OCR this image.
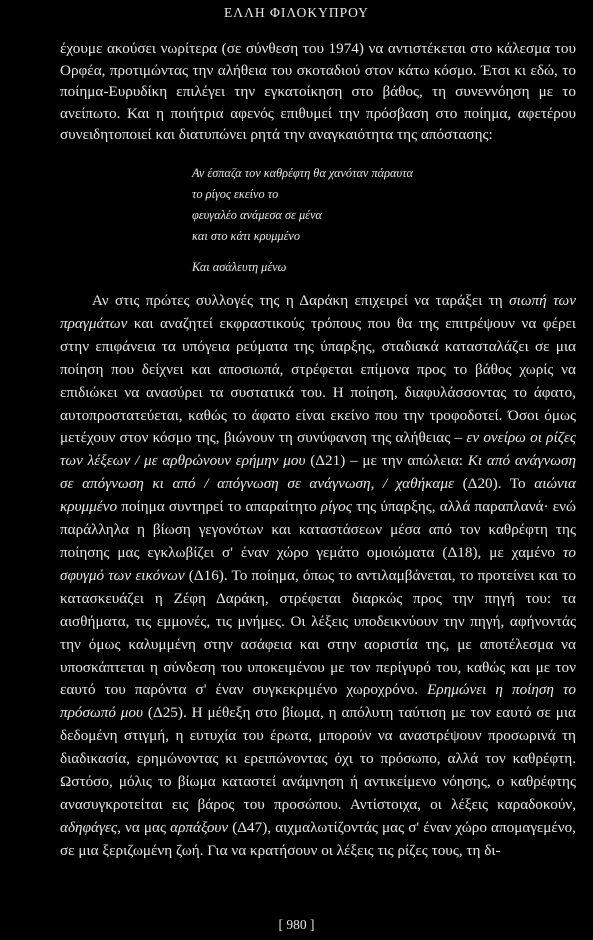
ΕΛΛΗ ΦΙΛΟΚΥΠΡΟΥ
έχουμε ακούσει νωρίτερα (σε σύνθεση του 1974) να αντιστέκεται στο κάλεσμα του Ορφέα, προτιμώντας την αλήθεια του σκοταδιού στον κάτω κόσμο. Έτσι κι εδώ, το ποίημα-Ευρυδίκη επιλέγει την εγκατοίκηση στο βάθος, τη συνεννόηση με το ανείπωτο. Και η ποιήτρια αφενός επιθυμεί την πρόσβαση στο ποίημα, αφετέρου συνειδητοποιεί και διατυπώνει ρητά την αναγκαιότητα της απόστασης:
Αν έσπαζα τον καθρέφτη θα χανόταν πάραυτα
το ρίγος εκείνο το
φευγαλέο ανάμεσα σε μένα
και στο κάτι κρυμμένο
Και ασάλευτη μένω
Αν στις πρώτες συλλογές της η Δαράκη επιχειρεί να ταράξει τη σιωπή των πραγμάτων και αναζητεί εκφραστικούς τρόπους που θα της επιτρέψουν να φέρει στην επιφάνεια τα υπόγεια ρεύματα της ύπαρξης, σταδιακά κατασταλάζει σε μια ποίηση που δείχνει και αποσιωπά, στρέφεται επίμονα προς το βάθος χωρίς να επιδιώκει να ανασύρει τα συστατικά του. Η ποίηση, διαφυλάσσοντας το άφατο, αυτοπροστατεύεται, καθώς το άφατο είναι εκείνο που την τροφοδοτεί. Όσοι όμως μετέχουν στον κόσμο της, βιώνουν τη συνύφανση της αλήθειας – εν ονείρω οι ρίζες των λέξεων / με αρθρώνουν ερήμην μου (Δ21) – με την απώλεια: Κι από ανάγνωση σε απόγνωση κι από / απόγνωση σε ανάγνωση, / χαθήκαμε (Δ20). Το αιώνια κρυμμένο ποίημα συντηρεί το απαραίτητο ρίγος της ύπαρξης, αλλά παραπλανά· ενώ παράλληλα η βίωση γεγονότων και καταστάσεων μέσα από τον καθρέφτη της ποίησης μας εγκλωβίζει σ' έναν χώρο γεμάτο ομοιώματα (Δ18), με χαμένο το σφυγμό των εικόνων (Δ16). Το ποίημα, όπως το αντιλαμβάνεται, το προτείνει και το κατασκευάζει η Ζέφη Δαράκη, στρέφεται διαρκώς προς την πηγή του: τα αισθήματα, τις εμμονές, τις μνήμες. Οι λέξεις υποδεικνύουν την πηγή, αφήνοντάς την όμως καλυμμένη στην ασάφεια και στην αοριστία της, με αποτέλεσμα να υποσκάπτεται η σύνδεση του υποκειμένου με τον περίγυρό του, καθώς και με τον εαυτό του παρόντα σ' έναν συγκεκριμένο χωροχρόνο. Ερημώνει η ποίηση το πρόσωπό μου (Δ25). Η μέθεξη στο βίωμα, η απόλυτη ταύτιση με τον εαυτό σε μια δεδομένη στιγμή, η ευτυχία του έρωτα, μπορούν να αναστρέψουν προσωρινά τη διαδικασία, ερημώνοντας κι ερειπώνοντας όχι το πρόσωπο, αλλά τον καθρέφτη. Ωστόσο, μόλις το βίωμα καταστεί ανάμνηση ή αντικείμενο νόησης, ο καθρέφτης ανασυγκροτείται εις βάρος του προσώπου. Αντίστοιχα, οι λέξεις καραδοκούν, αδηφάγες, να μας αρπάξουν (Δ47), αιχμαλωτίζοντάς μας σ' έναν χώρο απομαγεμένο, σε μια ξεριζωμένη ζωή. Για να κρατήσουν οι λέξεις τις ρίζες τους, τη δι-
[ 980 ]
